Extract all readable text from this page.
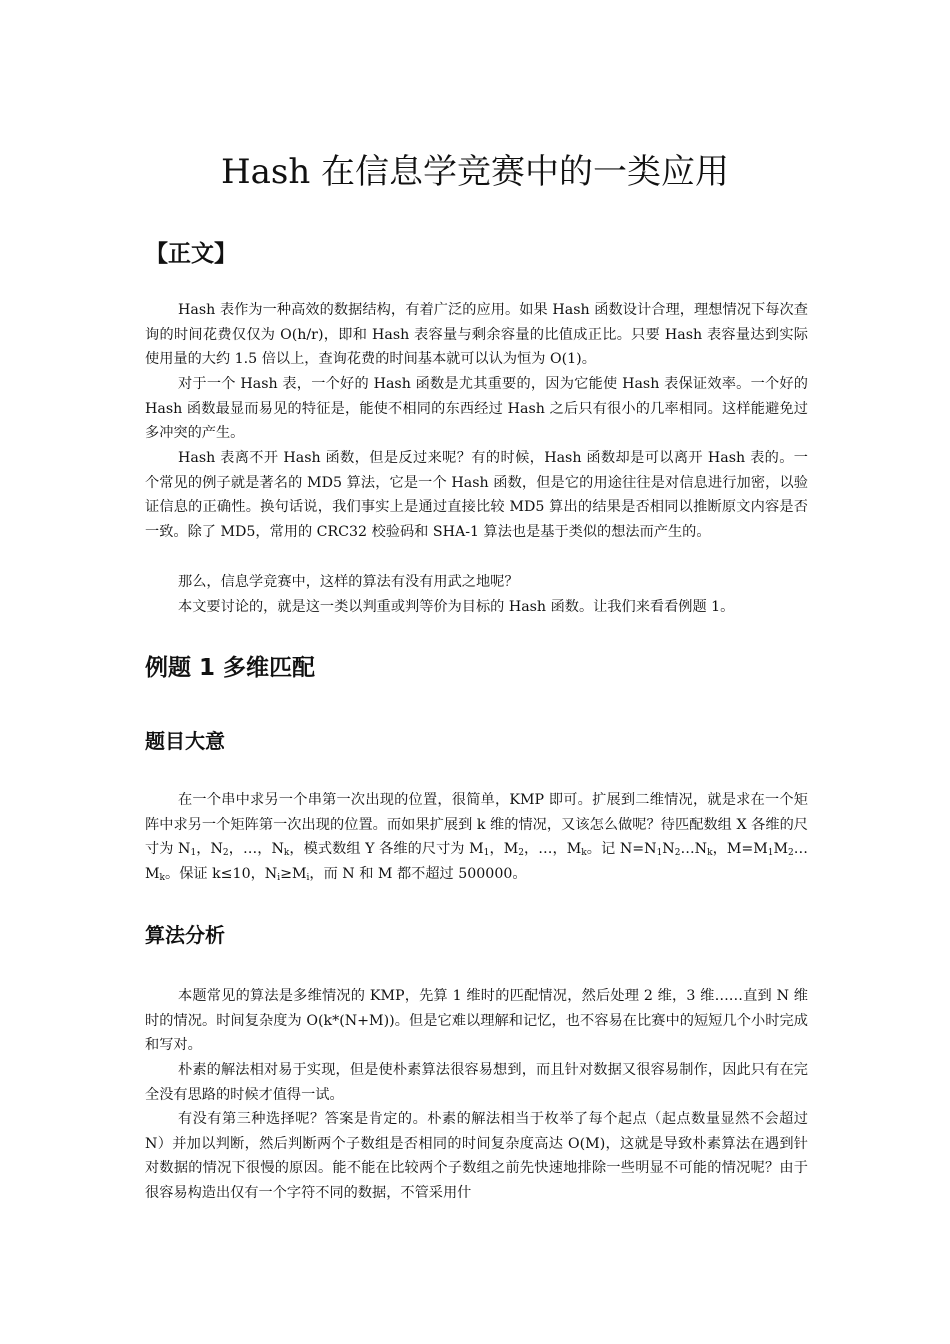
Hash 在信息学竞赛中的一类应用
【正文】

Hash 表作为一种高效的数据结构，有着广泛的应用。如果 Hash 函数设计合理，理想情况下每次查询的时间花费仅仅为 O(h/r)，即和 Hash 表容量与剩余容量的比值成正比。只要 Hash 表容量达到实际使用量的大约 1.5 倍以上，查询花费的时间基本就可以认为恒为 O(1)。

对于一个 Hash 表，一个好的 Hash 函数是尤其重要的，因为它能使 Hash 表保证效率。一个好的 Hash 函数最显而易见的特征是，能使不相同的东西经过 Hash 之后只有很小的几率相同。这样能避免过多冲突的产生。

Hash 表离不开 Hash 函数，但是反过来呢？有的时候，Hash 函数却是可以离开 Hash 表的。一个常见的例子就是著名的 MD5 算法，它是一个 Hash 函数，但是它的用途往往是对信息进行加密，以验证信息的正确性。换句话说，我们事实上是通过直接比较 MD5 算出的结果是否相同以推断原文内容是否一致。除了 MD5，常用的 CRC32 校验码和 SHA-1 算法也是基于类似的想法而产生的。

那么，信息学竞赛中，这样的算法有没有用武之地呢？

本文要讨论的，就是这一类以判重或判等价为目标的 Hash 函数。让我们来看看例题 1。

例题 1 多维匹配
题目大意

在一个串中求另一个串第一次出现的位置，很简单，KMP 即可。扩展到二维情况，就是求在一个矩阵中求另一个矩阵第一次出现的位置。而如果扩展到 k 维的情况，又该怎么做呢？待匹配数组 X 各维的尺寸为 $N_1$，$N_2$，…，$N_k$，模式数组 Y 各维的尺寸为 $M_1$，$M_2$，…，$M_k$。记 $N=N_1N_2\dots N_k$，$M=M_1M_2\dots M_k$。保证 k≤10，$N_i\ge M_i$，而 N 和 M 都不超过 500000。

算法分析

本题常见的算法是多维情况的 KMP，先算 1 维时的匹配情况，然后处理 2 维，3 维……直到 N 维时的情况。时间复杂度为 O(k*(N+M))。但是它难以理解和记忆，也不容易在比赛中的短短几个小时完成和写对。

朴素的解法相对易于实现，但是使朴素算法很容易想到，而且针对数据又很容易制作，因此只有在完全没有思路的时候才值得一试。

有没有第三种选择呢？答案是肯定的。朴素的解法相当于枚举了每个起点（起点数量显然不会超过 N）并加以判断，然后判断两个子数组是否相同的时间复杂度高达 O(M)，这就是导致朴素算法在遇到针对数据的情况下很慢的原因。能不能在比较两个子数组之前先快速地排除一些明显不可能的情况呢？由于很容易构造出仅有一个字符不同的数据，不管采用什
